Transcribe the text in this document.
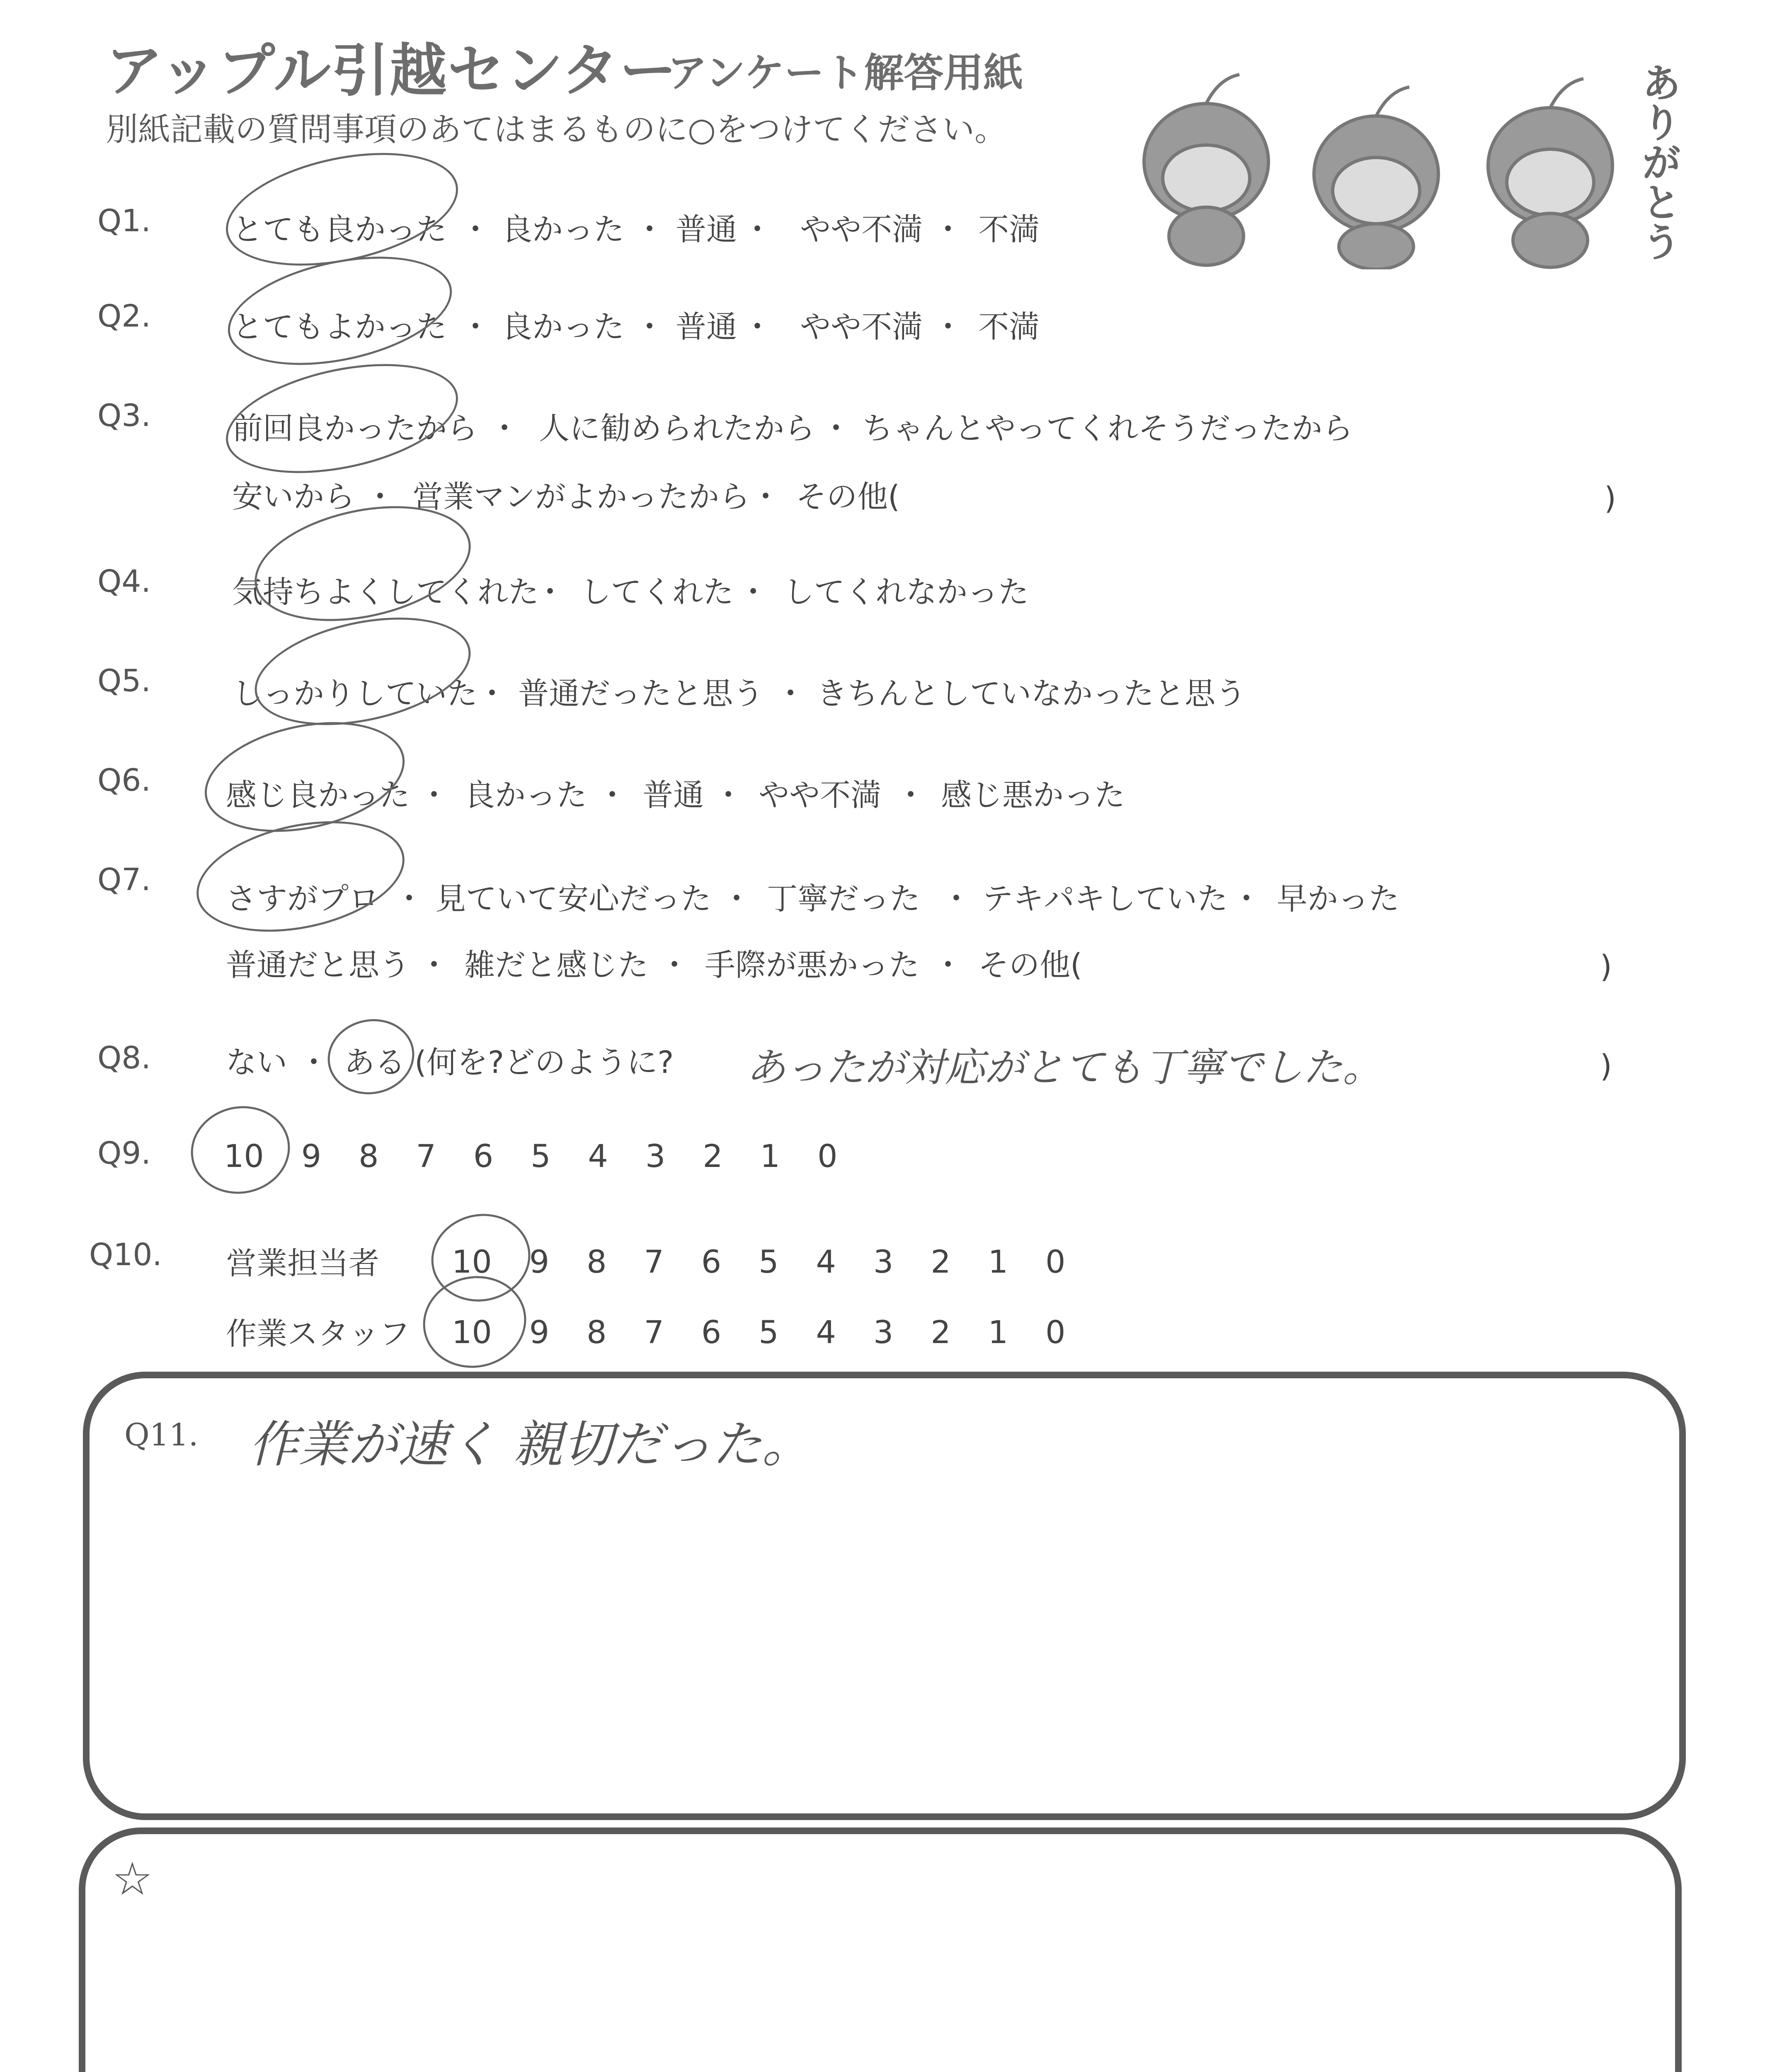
アップル引越センター
アンケート解答用紙
別紙記載の質問事項のあてはまるものに○をつけてください。	ありがとう
Q1.	とても良かった ・ 良かった ・ 普通 ・ やや不満 ・ 不満
Q2.	とてもよかった ・ 良かった ・ 普通 ・ やや不満 ・ 不満
Q3.	前回良かったから ・ 人に勧められたから ・ ちゃんとやってくれそうだったから
安いから ・ 営業マンがよかったから ・ その他(	)
Q4.	気持ちよくしてくれた
・ してくれた ・ してくれなかった
Q5.	しっかりしていた
・ 普通だったと思う ・ きちんとしていなかったと思う
Q6. 感じ良かった ・ 良かった ・ 普通 ・ やや不満 ・ 感じ悪かった
Q7.
さすがプロ ・ 見ていて安心だった ・ 丁寧だった ・ テキパキしていた ・ 早かった
普通だと思う ・ 雑だと感じた ・ 手際が悪かった ・ その他(	)
Q8. ない ・ ある (何を?どのように? あったが対応がとても丁寧でした。	)
Q9. 10 9 8 7 6 5 4 3 2 1 0
Q10. 営業担当者 10 9 8 7 6 5 4 3 2 1 0
作業スタッフ 10 9 8 7 6 5 4 3 2 1 0
Q11. 作業が速く 親切だった。
☆
